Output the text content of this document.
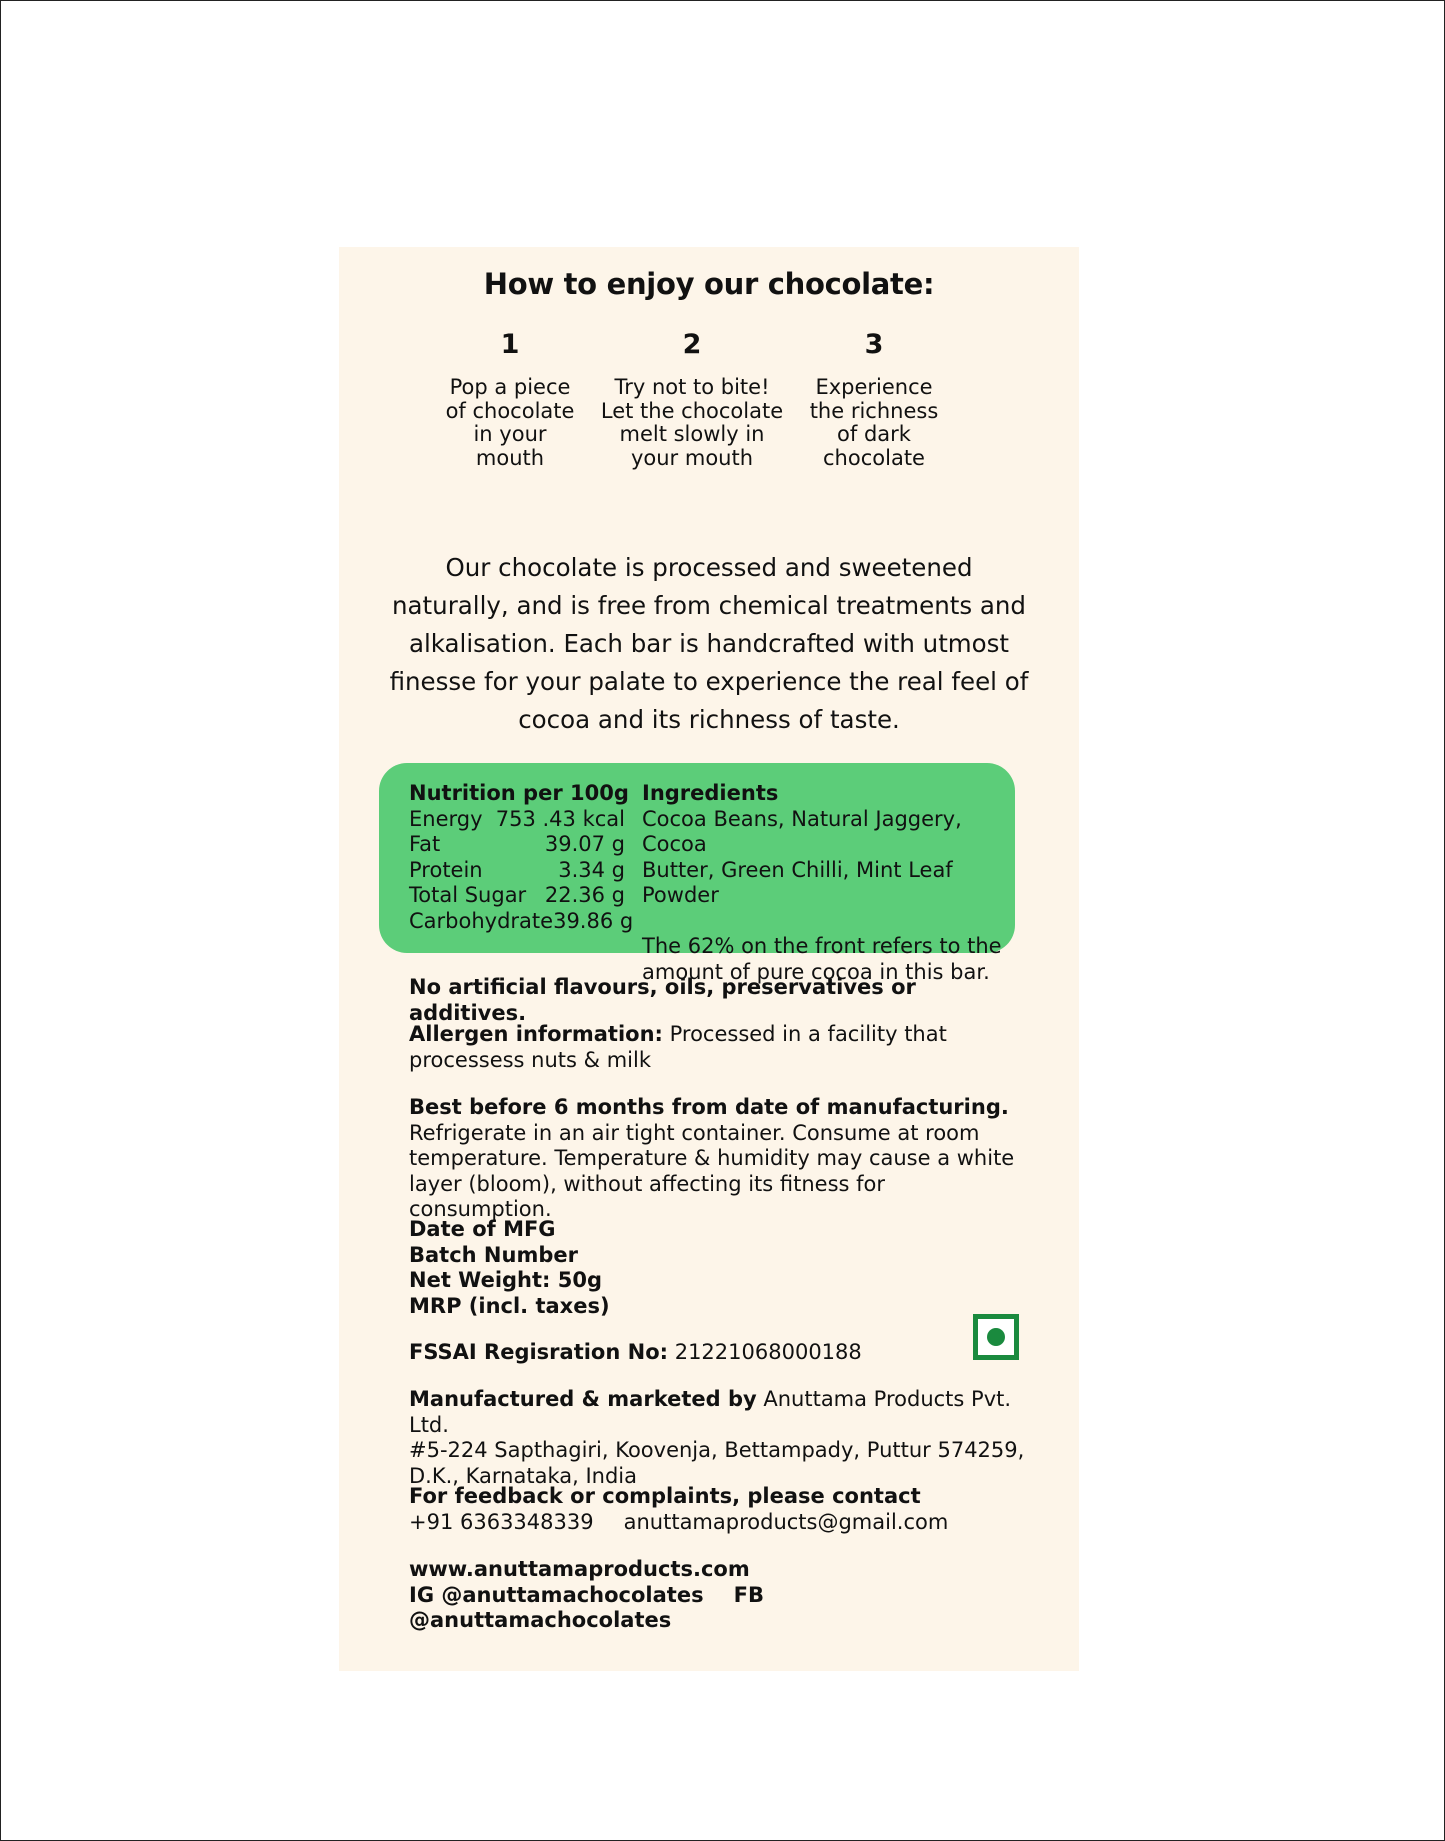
How to enjoy our chocolate:
1
Pop a piece
of chocolate
in your
mouth
2
Try not to bite!
Let the chocolate
melt slowly in
your mouth
3
Experience
the richness
of dark
chocolate
Our chocolate is processed and sweetened
naturally, and is free from chemical treatments and
alkalisation. Each bar is handcrafted with utmost
finesse for your palate to experience the real feel of
cocoa and its richness of taste.
Nutrition per 100g
Energy 753 .43 kcal
Fat	39.07 g
Protein	3.34 g
Total Sugar 22.36 g
Carbohydrate 39.86 g
Ingredients
Cocoa Beans, Natural Jaggery, Cocoa
Butter, Green Chilli, Mint Leaf Powder
The 62% on the front refers to the
amount of pure cocoa in this bar.
No artificial flavours, oils, preservatives or additives.
Allergen information: Processed in a facility that
processess nuts & milk
Best before 6 months from date of manufacturing.
Refrigerate in an air tight container. Consume at room
temperature. Temperature & humidity may cause a white
layer (bloom), without affecting its fitness for consumption.
Date of MFG
Batch Number
Net Weight: 50g
MRP (incl. taxes)
FSSAI Regisration No: 21221068000188
Manufactured & marketed by Anuttama Products Pvt. Ltd.
#5-224 Sapthagiri, Koovenja, Bettampady, Puttur 574259,
D.K., Karnataka, India
For feedback or complaints, please contact
+91 6363348339 anuttamaproducts@gmail.com
www.anuttamaproducts.com
IG @anuttamachocolates FB @anuttamachocolates
